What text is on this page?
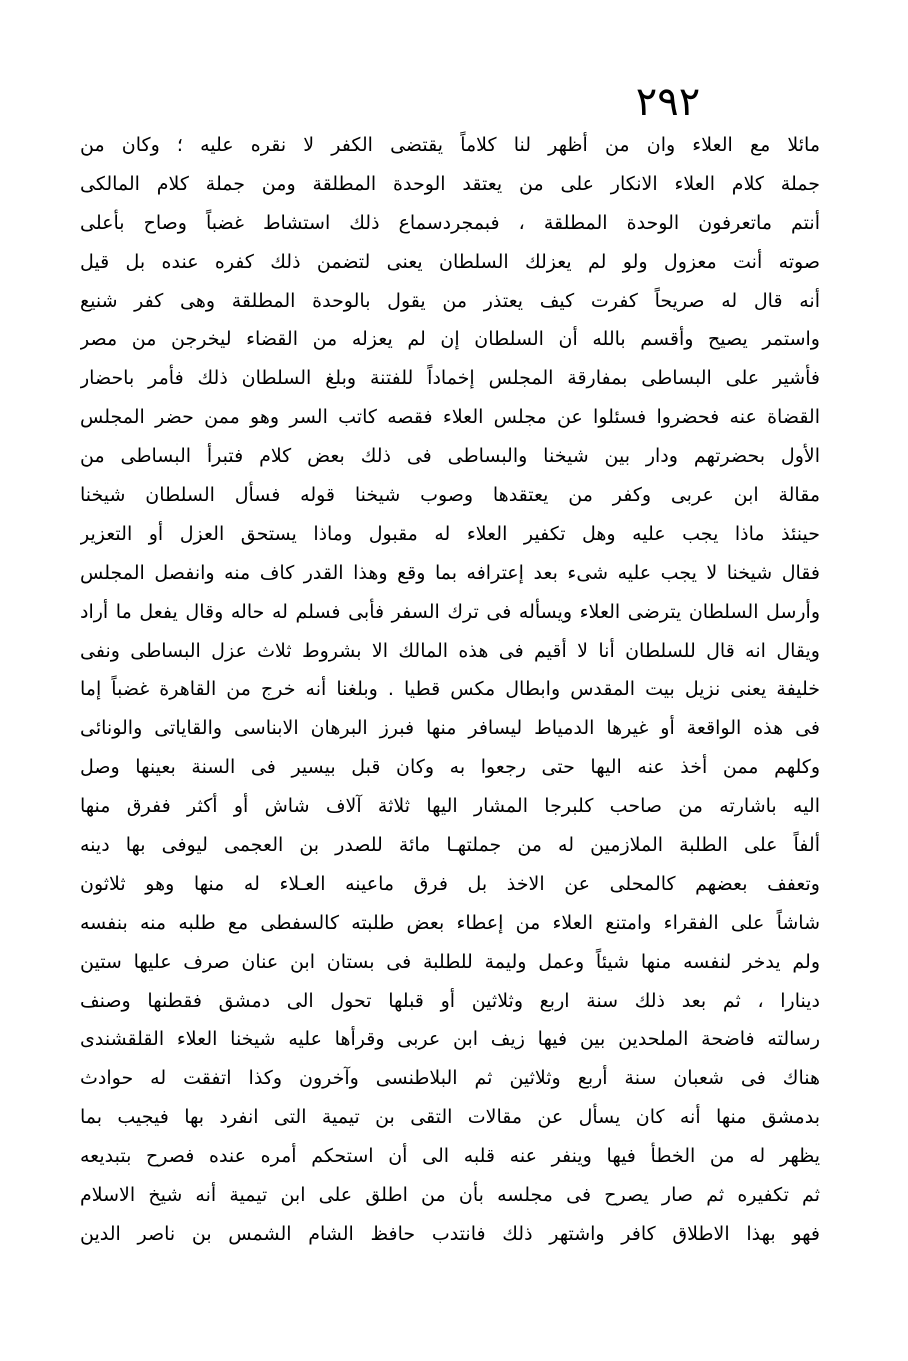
٢٩٢
مائلا مع العلاء وان من أظهر لنا كلاماً يقتضى الكفر لا نقره عليه ؛ وكان من
جملة كلام العلاء الانكار على من يعتقد الوحدة المطلقة ومن جملة كلام المالكى
أنتم ماتعرفون الوحدة المطلقة ، فبمجردسماع ذلك استشاط غضباً وصاح بأعلى
صوته أنت معزول ولو لم يعزلك السلطان يعنى لتضمن ذلك كفره عنده بل قيل
أنه قال له صريحاً كفرت كيف يعتذر من يقول بالوحدة المطلقة وهى كفر شنيع
واستمر يصيح وأقسم بالله أن السلطان إن لم يعزله من القضاء ليخرجن من مصر
فأشير على البساطى بمفارقة المجلس إخماداً للفتنة وبلغ السلطان ذلك فأمر باحضار
القضاة عنه فحضروا فسئلوا عن مجلس العلاء فقصه كاتب السر وهو ممن حضر المجلس
الأول بحضرتهم ودار بين شيخنا والبساطى فى ذلك بعض كلام فتبرأ البساطى من
مقالة ابن عربى وكفر من يعتقدها وصوب شيخنا قوله فسأل السلطان شيخنا
حينئذ ماذا يجب عليه وهل تكفير العلاء له مقبول وماذا يستحق العزل أو التعزير
فقال شيخنا لا يجب عليه شىء بعد إعترافه بما وقع وهذا القدر كاف منه وانفصل المجلس
وأرسل السلطان يترضى العلاء ويسأله فى ترك السفر فأبى فسلم له حاله وقال يفعل ما أراد
ويقال انه قال للسلطان أنا لا أقيم فى هذه المالك الا بشروط ثلاث عزل البساطى ونفى
خليفة يعنى نزيل بيت المقدس وابطال مكس قطيا . وبلغنا أنه خرج من القاهرة غضباً إما
فى هذه الواقعة أو غيرها الدمياط ليسافر منها فبرز البرهان الابناسى والقاياتى والونائى
وكلهم ممن أخذ عنه اليها حتى رجعوا به وكان قبل بيسير فى السنة بعينها وصل
اليه باشارته من صاحب كلبرجا المشار اليها ثلاثة آلاف شاش أو أكثر ففرق منها
ألفاً على الطلبة الملازمين له من جملتهـا مائة للصدر بن العجمى ليوفى بها دينه
وتعفف بعضهم كالمحلى عن الاخذ بل فرق ماعينه العـلاء له منها وهو ثلاثون
شاشاً على الفقراء وامتنع العلاء من إعطاء بعض طلبته كالسفطى مع طلبه منه بنفسه
ولم يدخر لنفسه منها شيئاً وعمل وليمة للطلبة فى بستان ابن عنان صرف عليها ستين
دينارا ، ثم بعد ذلك سنة اربع وثلاثين أو قبلها تحول الى دمشق فقطنها وصنف
رسالته فاضحة الملحدين بين فيها زيف ابن عربى وقرأها عليه شيخنا العلاء القلقشندى
هناك فى شعبان سنة أربع وثلاثين ثم البلاطنسى وآخرون وكذا اتفقت له حوادث
بدمشق منها أنه كان يسأل عن مقالات التقى بن تيمية التى انفرد بها فيجيب بما
يظهر له من الخطأ فيها وينفر عنه قلبه الى أن استحكم أمره عنده فصرح بتبديعه
ثم تكفيره ثم صار يصرح فى مجلسه بأن من اطلق على ابن تيمية أنه شيخ الاسلام
فهو بهذا الاطلاق كافر واشتهر ذلك فانتدب حافظ الشام الشمس بن ناصر الدين
